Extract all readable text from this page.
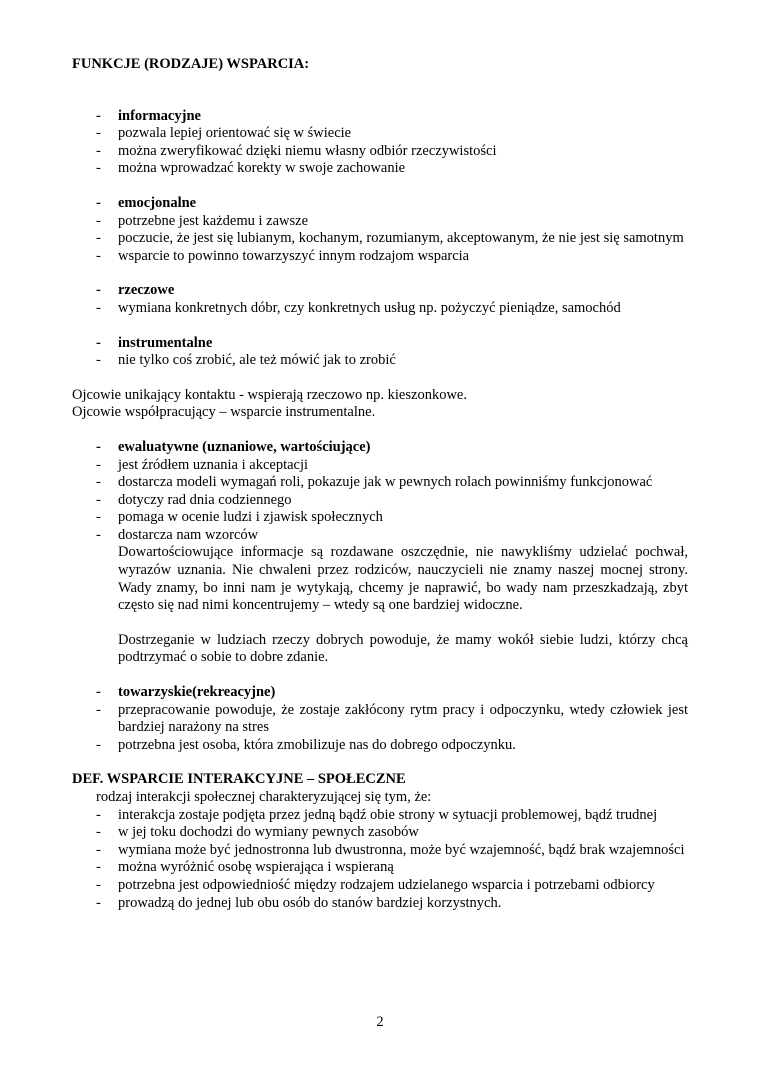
FUNKCJE (RODZAJE) WSPARCIA:

- informacyjne
- pozwala lepiej orientować się w świecie
- można zweryfikować dzięki niemu własny odbiór rzeczywistości
- można wprowadzać korekty w swoje zachowanie
- emocjonalne
- potrzebne jest każdemu i zawsze
- poczucie, że jest się lubianym, kochanym, rozumianym, akceptowanym, że nie jest się samotnym
- wsparcie to powinno towarzyszyć innym rodzajom wsparcia
- rzeczowe
- wymiana konkretnych dóbr, czy konkretnych usług np. pożyczyć pieniądze, samochód
- instrumentalne
- nie tylko coś zrobić, ale też mówić jak to zrobić

Ojcowie unikający kontaktu - wspierają rzeczowo np. kieszonkowe.

Ojcowie współpracujący – wsparcie instrumentalne.

- ewaluatywne (uznaniowe, wartościujące)
- jest źródłem uznania i akceptacji
- dostarcza modeli wymagań roli, pokazuje jak w pewnych rolach powinniśmy funkcjonować
- dotyczy rad dnia codziennego
- pomaga w ocenie ludzi i zjawisk społecznych
- dostarcza nam wzorców

Dowartościowujące informacje są rozdawane oszczędnie, nie nawykliśmy udzielać pochwał, wyrazów uznania. Nie chwaleni przez rodziców, nauczycieli nie znamy naszej mocnej strony. Wady znamy, bo inni nam je wytykają, chcemy je naprawić, bo wady nam przeszkadzają, zbyt często się nad nimi koncentrujemy – wtedy są one bardziej widoczne.

Dostrzeganie w ludziach rzeczy dobrych powoduje, że mamy wokół siebie ludzi, którzy chcą podtrzymać o sobie to dobre zdanie.

- towarzyskie(rekreacyjne)
- przepracowanie powoduje, że zostaje zakłócony rytm pracy i odpoczynku, wtedy człowiek jest bardziej narażony na stres
- potrzebna jest osoba, która zmobilizuje nas do dobrego odpoczynku.

DEF. WSPARCIE INTERAKCYJNE – SPOŁECZNE

rodzaj interakcji społecznej charakteryzującej się tym, że:

- interakcja zostaje podjęta przez jedną bądź obie strony w sytuacji problemowej, bądź trudnej
- w jej toku dochodzi do wymiany pewnych zasobów
- wymiana może być jednostronna lub dwustronna, może być wzajemność, bądź brak wzajemności
- można wyróżnić osobę wspierająca i wspieraną
- potrzebna jest odpowiedniość między rodzajem udzielanego wsparcia i potrzebami odbiorcy
- prowadzą do jednej lub obu osób do stanów bardziej korzystnych.
2
